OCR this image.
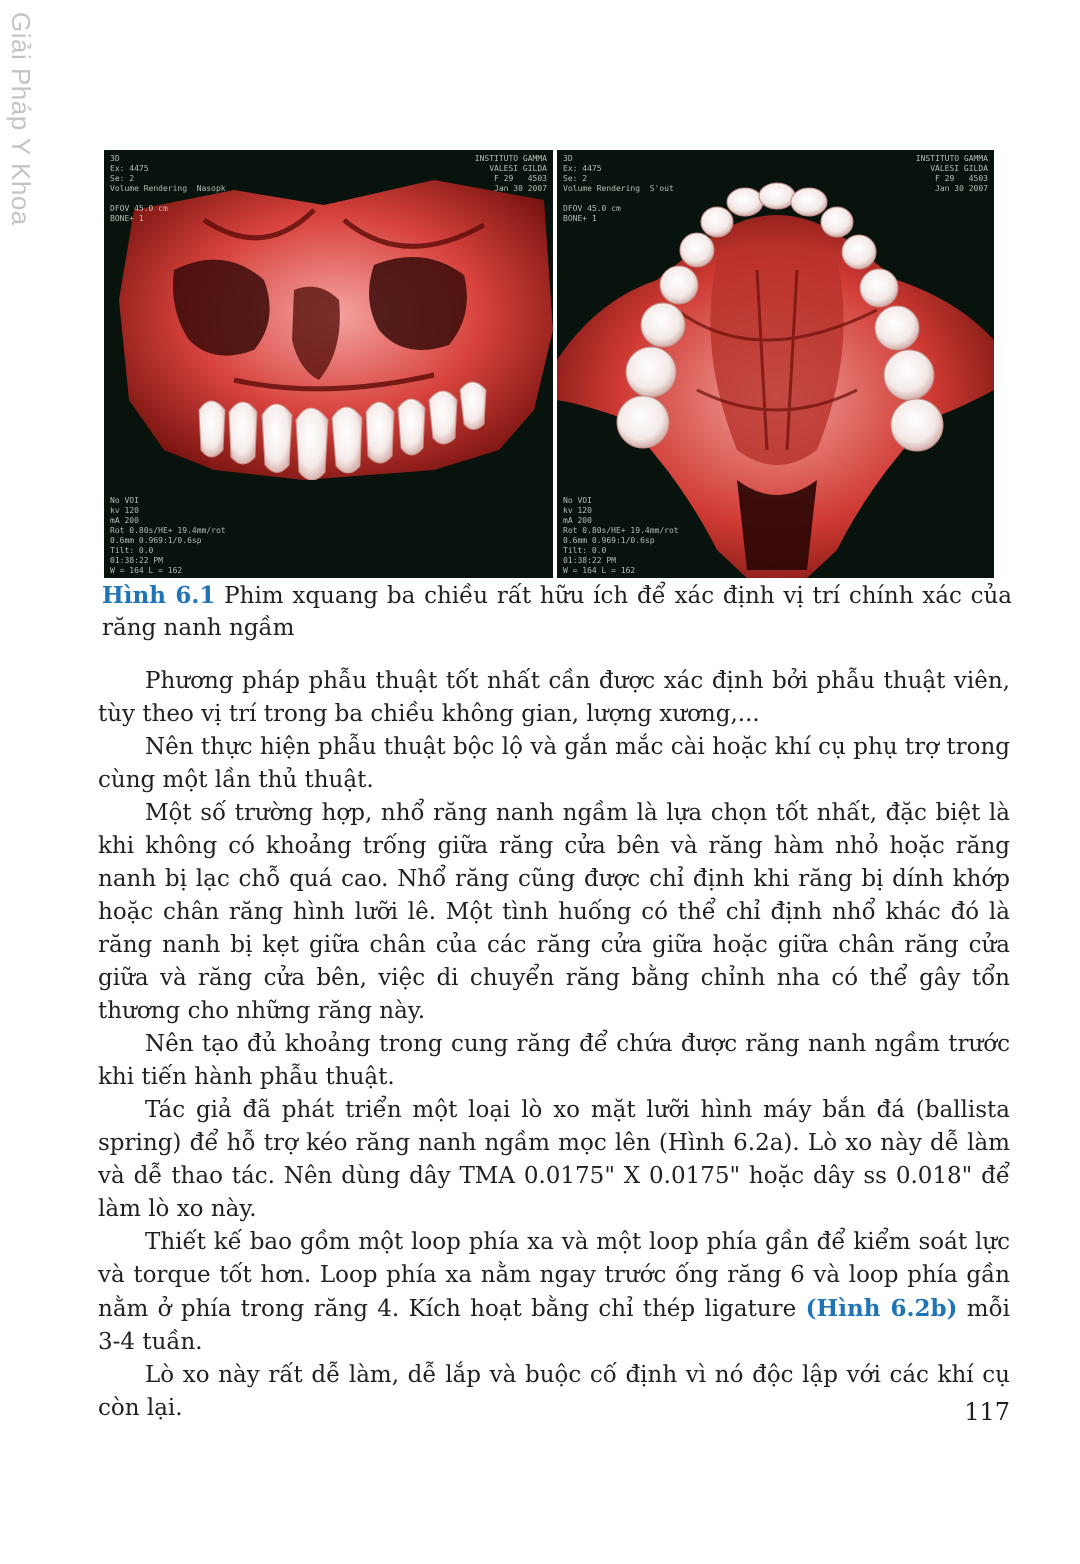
Giải Pháp Y Khoa	3D
Ex: 4475
Se: 2
Volume Rendering  Nasopk

DFOV 45.0 cm
BONE+ 1
INSTITUTO GAMMA
VALESI GILDA
F 29   4503
Jan 30 2007
No VOI
kv 120
mA 200
Rot 0.80s/HE+ 19.4mm/rot
0.6mm 0.969:1/0.6sp
Tilt: 0.0
01:38:22 PM
W = 164 L = 162
3D
Ex: 4475
Se: 2
Volume Rendering  S'out

DFOV 45.0 cm
BONE+ 1
INSTITUTO GAMMA
VALESI GILDA
F 29   4503
Jan 30 2007
No VOI
kv 120
mA 200
Rot 0.80s/HE+ 19.4mm/rot
0.6mm 0.969:1/0.6sp
Tilt: 0.0
01:38:22 PM
W = 164 L = 162
Hình 6.1 Phim xquang ba chiều rất hữu ích để xác định vị trí chính xác của răng nanh ngầm

Phương pháp phẫu thuật tốt nhất cần được xác định bởi phẫu thuật viên, tùy theo vị trí trong ba chiều không gian, lượng xương,...

Nên thực hiện phẫu thuật bộc lộ và gắn mắc cài hoặc khí cụ phụ trợ trong cùng một lần thủ thuật.

Một số trường hợp, nhổ răng nanh ngầm là lựa chọn tốt nhất, đặc biệt là khi không có khoảng trống giữa răng cửa bên và răng hàm nhỏ hoặc răng nanh bị lạc chỗ quá cao. Nhổ răng cũng được chỉ định khi răng bị dính khớp hoặc chân răng hình lưỡi lê. Một tình huống có thể chỉ định nhổ khác đó là răng nanh bị kẹt giữa chân của các răng cửa giữa hoặc giữa chân răng cửa giữa và răng cửa bên, việc di chuyển răng bằng chỉnh nha có thể gây tổn thương cho những răng này.

Nên tạo đủ khoảng trong cung răng để chứa được răng nanh ngầm trước khi tiến hành phẫu thuật.

Tác giả đã phát triển một loại lò xo mặt lưỡi hình máy bắn đá (ballista spring) để hỗ trợ kéo răng nanh ngầm mọc lên (Hình 6.2a). Lò xo này dễ làm và dễ thao tác. Nên dùng dây TMA 0.0175" X 0.0175" hoặc dây ss 0.018" để làm lò xo này.

Thiết kế bao gồm một loop phía xa và một loop phía gần để kiểm soát lực và torque tốt hơn. Loop phía xa nằm ngay trước ống răng 6 và loop phía gần nằm ở phía trong răng 4. Kích hoạt bằng chỉ thép ligature (Hình 6.2b) mỗi 3-4 tuần.

Lò xo này rất dễ làm, dễ lắp và buộc cố định vì nó độc lập với các khí cụ còn lại.	117
